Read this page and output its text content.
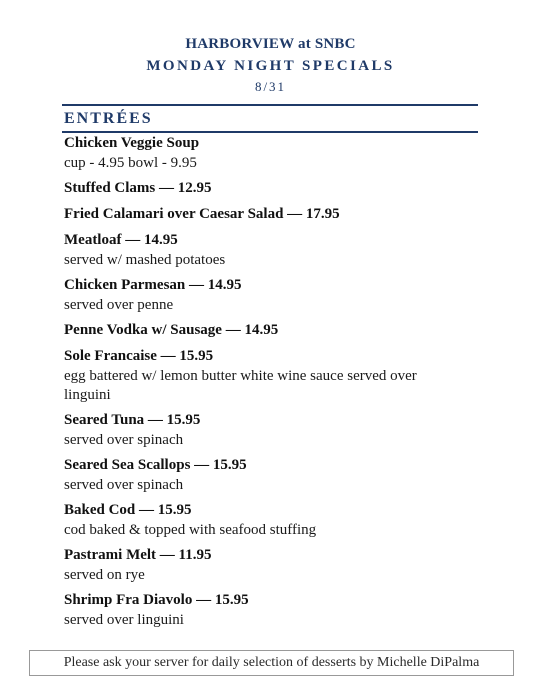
HARBORVIEW at SNBC
MONDAY NIGHT SPECIALS
8/31
ENTRÉES
Chicken Veggie Soup
cup - 4.95 bowl - 9.95
Stuffed Clams — 12.95
Fried Calamari over Caesar Salad — 17.95
Meatloaf — 14.95
served w/ mashed potatoes
Chicken Parmesan — 14.95
served over penne
Penne Vodka w/ Sausage — 14.95
Sole Francaise — 15.95
egg battered w/ lemon butter white wine sauce served over linguini
Seared Tuna — 15.95
served over spinach
Seared Sea Scallops — 15.95
served over spinach
Baked Cod — 15.95
cod baked & topped with seafood stuffing
Pastrami Melt — 11.95
served on rye
Shrimp Fra Diavolo — 15.95
served over linguini
Please ask your server for daily selection of desserts by Michelle DiPalma
